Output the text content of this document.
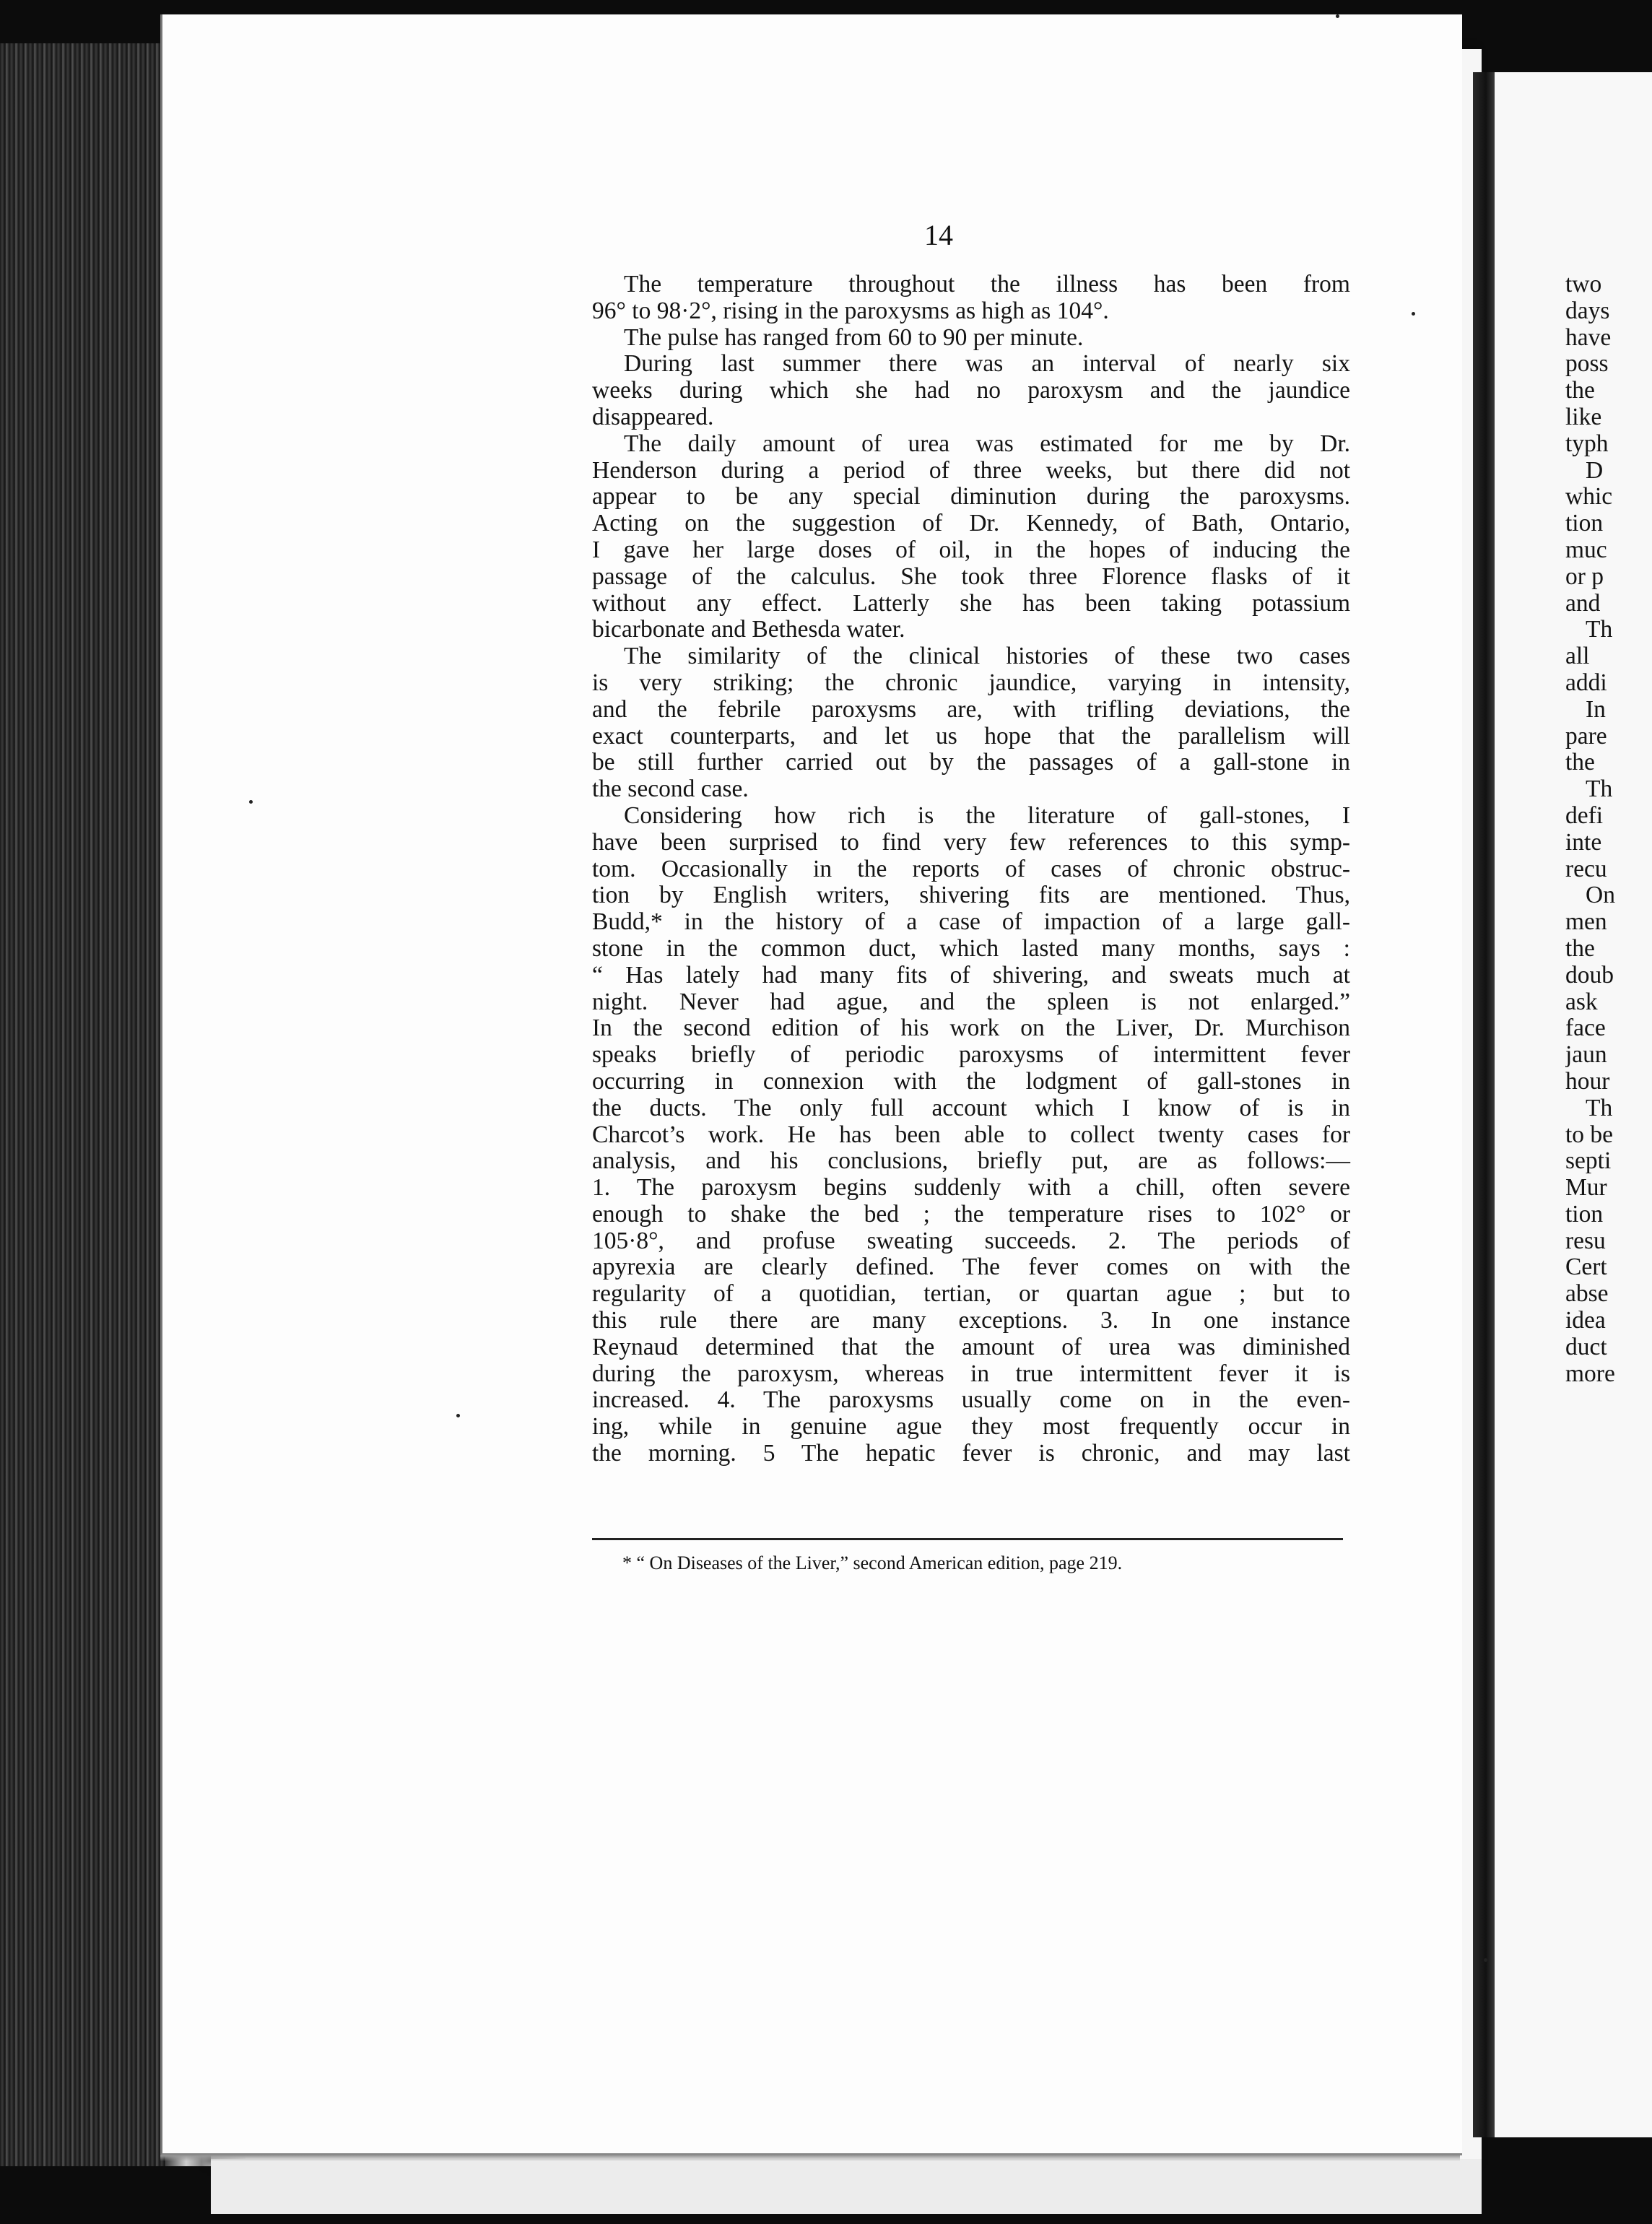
14
The temperature throughout the illness has been from
96° to 98·2°, rising in the paroxysms as high as 104°.
The pulse has ranged from 60 to 90 per minute.
During last summer there was an interval of nearly six
weeks during which she had no paroxysm and the jaundice
disappeared.
The daily amount of urea was estimated for me by Dr.
Henderson during a period of three weeks, but there did not
appear to be any special diminution during the paroxysms.
Acting on the suggestion of Dr. Kennedy, of Bath, Ontario,
I gave her large doses of oil, in the hopes of inducing the
passage of the calculus. She took three Florence flasks of it
without any effect. Latterly she has been taking potassium
bicarbonate and Bethesda water.
The similarity of the clinical histories of these two cases
is very striking; the chronic jaundice, varying in intensity,
and the febrile paroxysms are, with trifling deviations, the
exact counterparts, and let us hope that the parallelism will
be still further carried out by the passages of a gall-stone in
the second case.
Considering how rich is the literature of gall-stones, I
have been surprised to find very few references to this symp-
tom. Occasionally in the reports of cases of chronic obstruc-
tion by English writers, shivering fits are mentioned. Thus,
Budd,* in the history of a case of impaction of a large gall-
stone in the common duct, which lasted many months, says :
“ Has lately had many fits of shivering, and sweats much at
night. Never had ague, and the spleen is not enlarged.”
In the second edition of his work on the Liver, Dr. Murchison
speaks briefly of periodic paroxysms of intermittent fever
occurring in connexion with the lodgment of gall-stones in
the ducts. The only full account which I know of is in
Charcot’s work. He has been able to collect twenty cases for
analysis, and his conclusions, briefly put, are as follows:—
1. The paroxysm begins suddenly with a chill, often severe
enough to shake the bed ; the temperature rises to 102° or
105·8°, and profuse sweating succeeds. 2. The periods of
apyrexia are clearly defined. The fever comes on with the
regularity of a quotidian, tertian, or quartan ague ; but to
this rule there are many exceptions. 3. In one instance
Reynaud determined that the amount of urea was diminished
during the paroxysm, whereas in true intermittent fever it is
increased. 4. The paroxysms usually come on in the even-
ing, while in genuine ague they most frequently occur in
the morning. 5 The hepatic fever is chronic, and may last
* “ On Diseases of the Liver,” second American edition, page 219.
two
days
have
poss
the
like
typh
D
whic
tion
muc
or p
and
Th
all
addi
In
pare
the
Th
defi
inte
recu
On
men
the
doub
ask
face
jaun
hour
Th
to be
septi
Mur
tion
resu
Cert
abse
idea
duct
more
